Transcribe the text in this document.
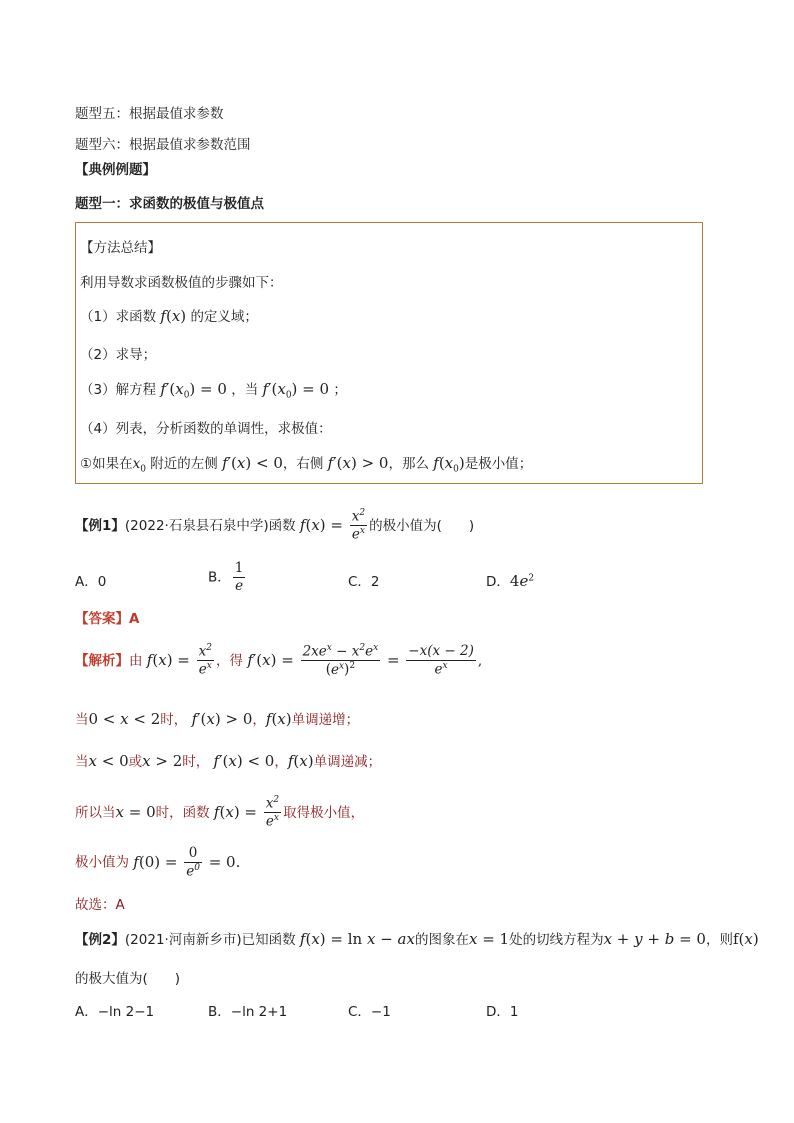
题型五：根据最值求参数
题型六：根据最值求参数范围
【典例例题】
题型一：求函数的极值与极值点
【方法总结】
利用导数求函数极值的步骤如下：
（1）求函数 f(x) 的定义域；
（2）求导；
（3）解方程 $f'(x_0) = 0$ ，当 $f'(x_0) = 0$ ；
（4）列表，分析函数的单调性，求极值：
①如果在$x_0$ 附近的左侧 f′(x) < 0，右侧 f′(x) > 0，那么 $f(x_0)$是极小值；
【例1】(2022·石泉县石泉中学)函数 $f(x) = \frac{x^2}{e^x}$ 的极小值为(　　)
A．0	B． $\frac{1}{e}$	C．2	D．$4e^2$
【答案】A
【解析】由 $f(x) = \frac{x^2}{e^x}$ ，得 $f'(x) = \frac{2xe^x - x^2e^x}{(e^x)^2} = \frac{-x(x - 2)}{e^x}$ ,
当0 < x < 2时， f′(x) > 0，f(x)单调递增；
当x < 0或x > 2时， f′(x) < 0，f(x)单调递减；
所以当x = 0时，函数 $f(x) = \frac{x^2}{e^x}$ 取得极小值，
极小值为 $f(0) = \frac{0}{e^0} = 0$.
故选：A
【例2】(2021·河南新乡市)已知函数 f(x) = ln x − ax的图象在x = 1处的切线方程为x + y + b = 0，则f(x)
的极大值为(　　)
A．−ln 2−1	B．−ln 2+1	C．−1	D．1
